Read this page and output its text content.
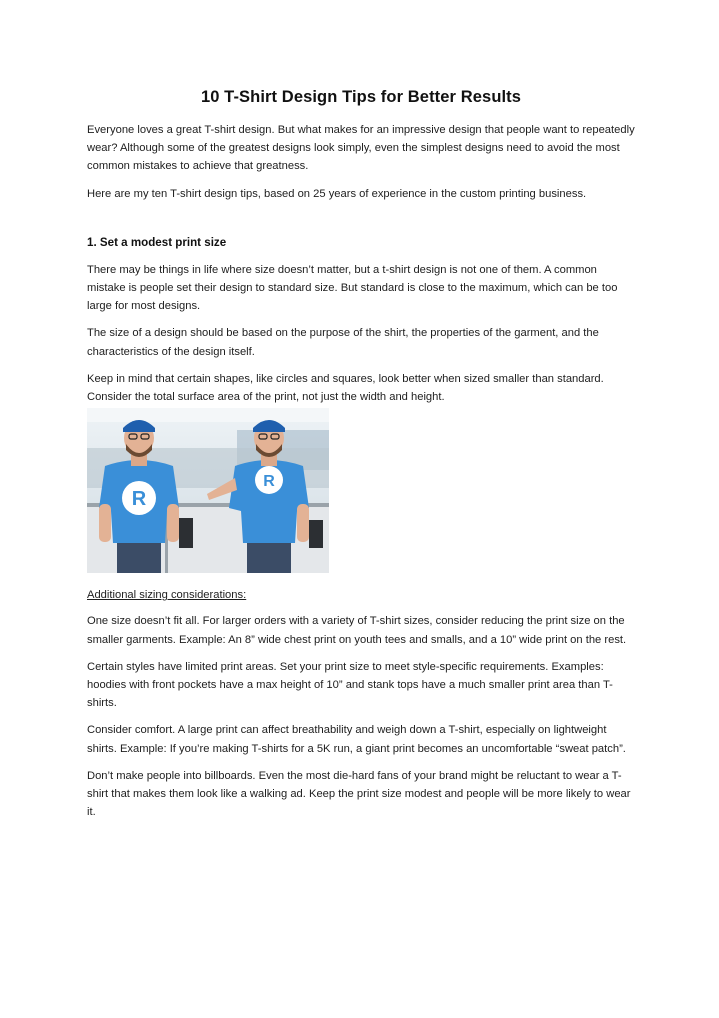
10 T-Shirt Design Tips for Better Results

Everyone loves a great T-shirt design. But what makes for an impressive design that people want to repeatedly wear? Although some of the greatest designs look simply, even the simplest designs need to avoid the most common mistakes to achieve that greatness.

Here are my ten T-shirt design tips, based on 25 years of experience in the custom printing business.

1. Set a modest print size

There may be things in life where size doesn’t matter, but a t-shirt design is not one of them. A common mistake is people set their design to standard size. But standard is close to the maximum, which can be too large for most designs.

The size of a design should be based on the purpose of the shirt, the properties of the garment, and the characteristics of the design itself.

Keep in mind that certain shapes, like circles and squares, look better when sized smaller than standard. Consider the total surface area of the print, not just the width and height.

R
R

Additional sizing considerations:

One size doesn’t fit all. For larger orders with a variety of T-shirt sizes, consider reducing the print size on the smaller garments. Example: An 8” wide chest print on youth tees and smalls, and a 10” wide print on the rest.

Certain styles have limited print areas. Set your print size to meet style-specific requirements. Examples: hoodies with front pockets have a max height of 10” and stank tops have a much smaller print area than T-shirts.

Consider comfort. A large print can affect breathability and weigh down a T-shirt, especially on lightweight shirts. Example: If you’re making T-shirts for a 5K run, a giant print becomes an uncomfortable “sweat patch”.

Don’t make people into billboards. Even the most die-hard fans of your brand might be reluctant to wear a T-shirt that makes them look like a walking ad. Keep the print size modest and people will be more likely to wear it.
